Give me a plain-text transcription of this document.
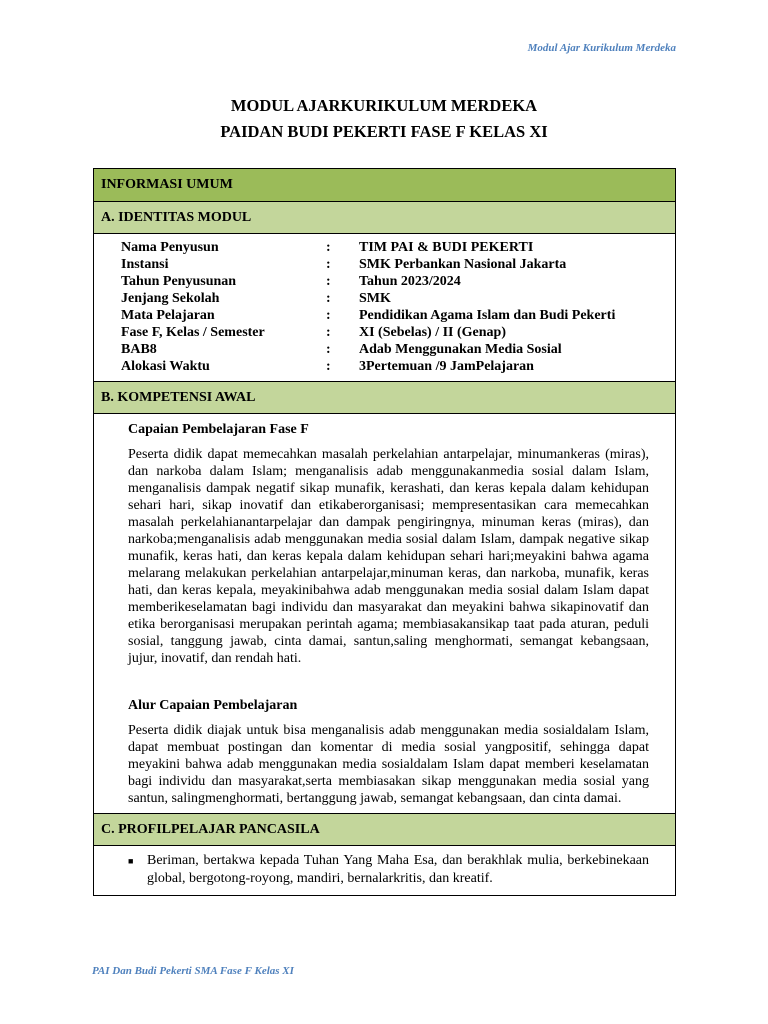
Modul Ajar Kurikulum Merdeka
MODUL AJARKURIKULUM MERDEKA
PAIDAN BUDI PEKERTI FASE F KELAS XI
INFORMASI UMUM
A. IDENTITAS MODUL
Nama Penyusun	:	TIM PAI & BUDI PEKERTI
Instansi	:	SMK Perbankan Nasional Jakarta
Tahun Penyusunan	:	Tahun 2023/2024
Jenjang Sekolah	:	SMK
Mata Pelajaran	:	Pendidikan Agama Islam dan Budi Pekerti
Fase F, Kelas / Semester	:	XI (Sebelas) / II (Genap)
BAB8	:	Adab Menggunakan Media Sosial
Alokasi Waktu	:	3Pertemuan /9 JamPelajaran
B. KOMPETENSI AWAL
Capaian Pembelajaran Fase F
Peserta didik dapat memecahkan masalah perkelahian antarpelajar, minumankeras (miras), dan narkoba dalam Islam; menganalisis adab menggunakanmedia sosial dalam Islam, menganalisis dampak negatif sikap munafik, kerashati, dan keras kepala dalam kehidupan sehari hari, sikap inovatif dan etikaberorganisasi; mempresentasikan cara memecahkan masalah perkelahianantarpelajar dan dampak pengiringnya, minuman keras (miras), dan narkoba;menganalisis adab menggunakan media sosial dalam Islam, dampak negative sikap munafik, keras hati, dan keras kepala dalam kehidupan sehari hari;meyakini bahwa agama melarang melakukan perkelahian antarpelajar,minuman keras, dan narkoba, munafik, keras hati, dan keras kepala, meyakinibahwa adab menggunakan media sosial dalam Islam dapat memberikeselamatan bagi individu dan masyarakat dan meyakini bahwa sikapinovatif dan etika berorganisasi merupakan perintah agama; membiasakansikap taat pada aturan, peduli sosial, tanggung jawab, cinta damai, santun,saling menghormati, semangat kebangsaan, jujur, inovatif, dan rendah hati.
Alur Capaian Pembelajaran
Peserta didik diajak untuk bisa menganalisis adab menggunakan media sosialdalam Islam, dapat membuat postingan dan komentar di media sosial yangpositif, sehingga dapat meyakini bahwa adab menggunakan media sosialdalam Islam dapat memberi keselamatan bagi individu dan masyarakat,serta membiasakan sikap menggunakan media sosial yang santun, salingmenghormati, bertanggung jawab, semangat kebangsaan, dan cinta damai.
C. PROFILPELAJAR PANCASILA
■ Beriman, bertakwa kepada Tuhan Yang Maha Esa, dan berakhlak mulia, berkebinekaan global, bergotong-royong, mandiri, bernalarkritis, dan kreatif.
PAI Dan Budi Pekerti SMA Fase F Kelas XI
